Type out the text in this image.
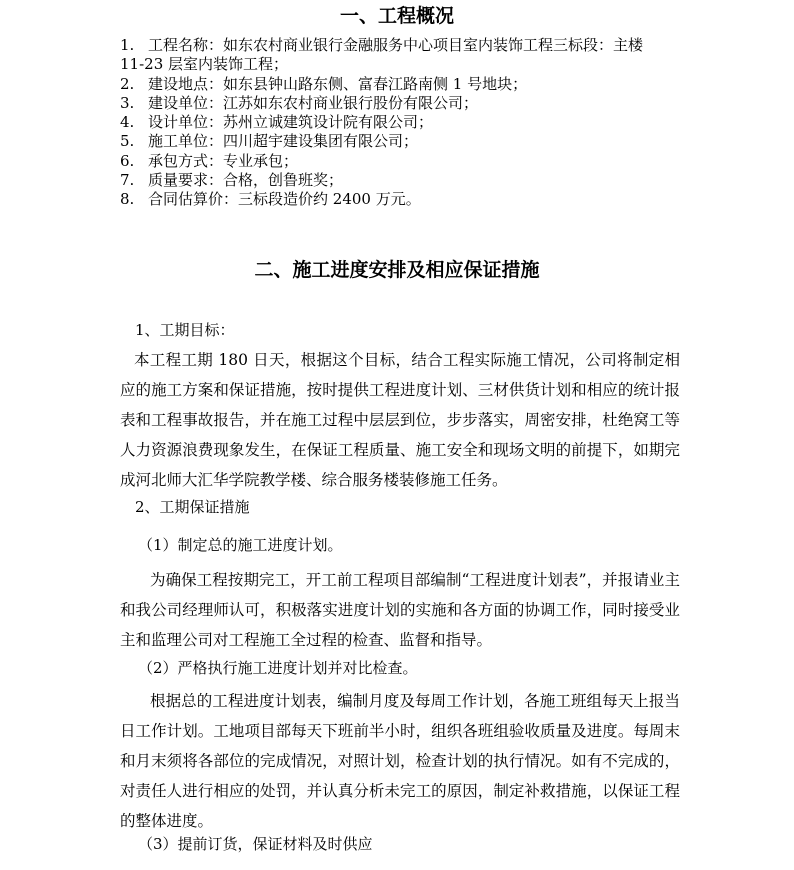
一、工程概况
1. 工程名称：如东农村商业银行金融服务中心项目室内装饰工程三标段：主楼
11-23 层室内装饰工程；
2. 建设地点：如东县钟山路东侧、富春江路南侧 1 号地块；
3. 建设单位：江苏如东农村商业银行股份有限公司；
4. 设计单位：苏州立诚建筑设计院有限公司；
5. 施工单位：四川超宇建设集团有限公司；
6. 承包方式：专业承包；
7. 质量要求：合格，创鲁班奖；
8. 合同估算价：三标段造价约 2400 万元。
二、施工进度安排及相应保证措施
1、工期目标：
本工程工期 180 日天，根据这个目标，结合工程实际施工情况，公司将制定相应的施工方案和保证措施，按时提供工程进度计划、三材供货计划和相应的统计报表和工程事故报告，并在施工过程中层层到位，步步落实，周密安排，杜绝窝工等人力资源浪费现象发生，在保证工程质量、施工安全和现场文明的前提下，如期完成河北师大汇华学院教学楼、综合服务楼装修施工任务。
2、工期保证措施
（1）制定总的施工进度计划。
为确保工程按期完工，开工前工程项目部编制“工程进度计划表”，并报请业主和我公司经理师认可，积极落实进度计划的实施和各方面的协调工作，同时接受业主和监理公司对工程施工全过程的检查、监督和指导。
（2）严格执行施工进度计划并对比检查。
根据总的工程进度计划表，编制月度及每周工作计划，各施工班组每天上报当日工作计划。工地项目部每天下班前半小时，组织各班组验收质量及进度。每周末和月末须将各部位的完成情况，对照计划，检查计划的执行情况。如有不完成的，对责任人进行相应的处罚，并认真分析未完工的原因，制定补救措施，以保证工程的整体进度。
（3）提前订货，保证材料及时供应
